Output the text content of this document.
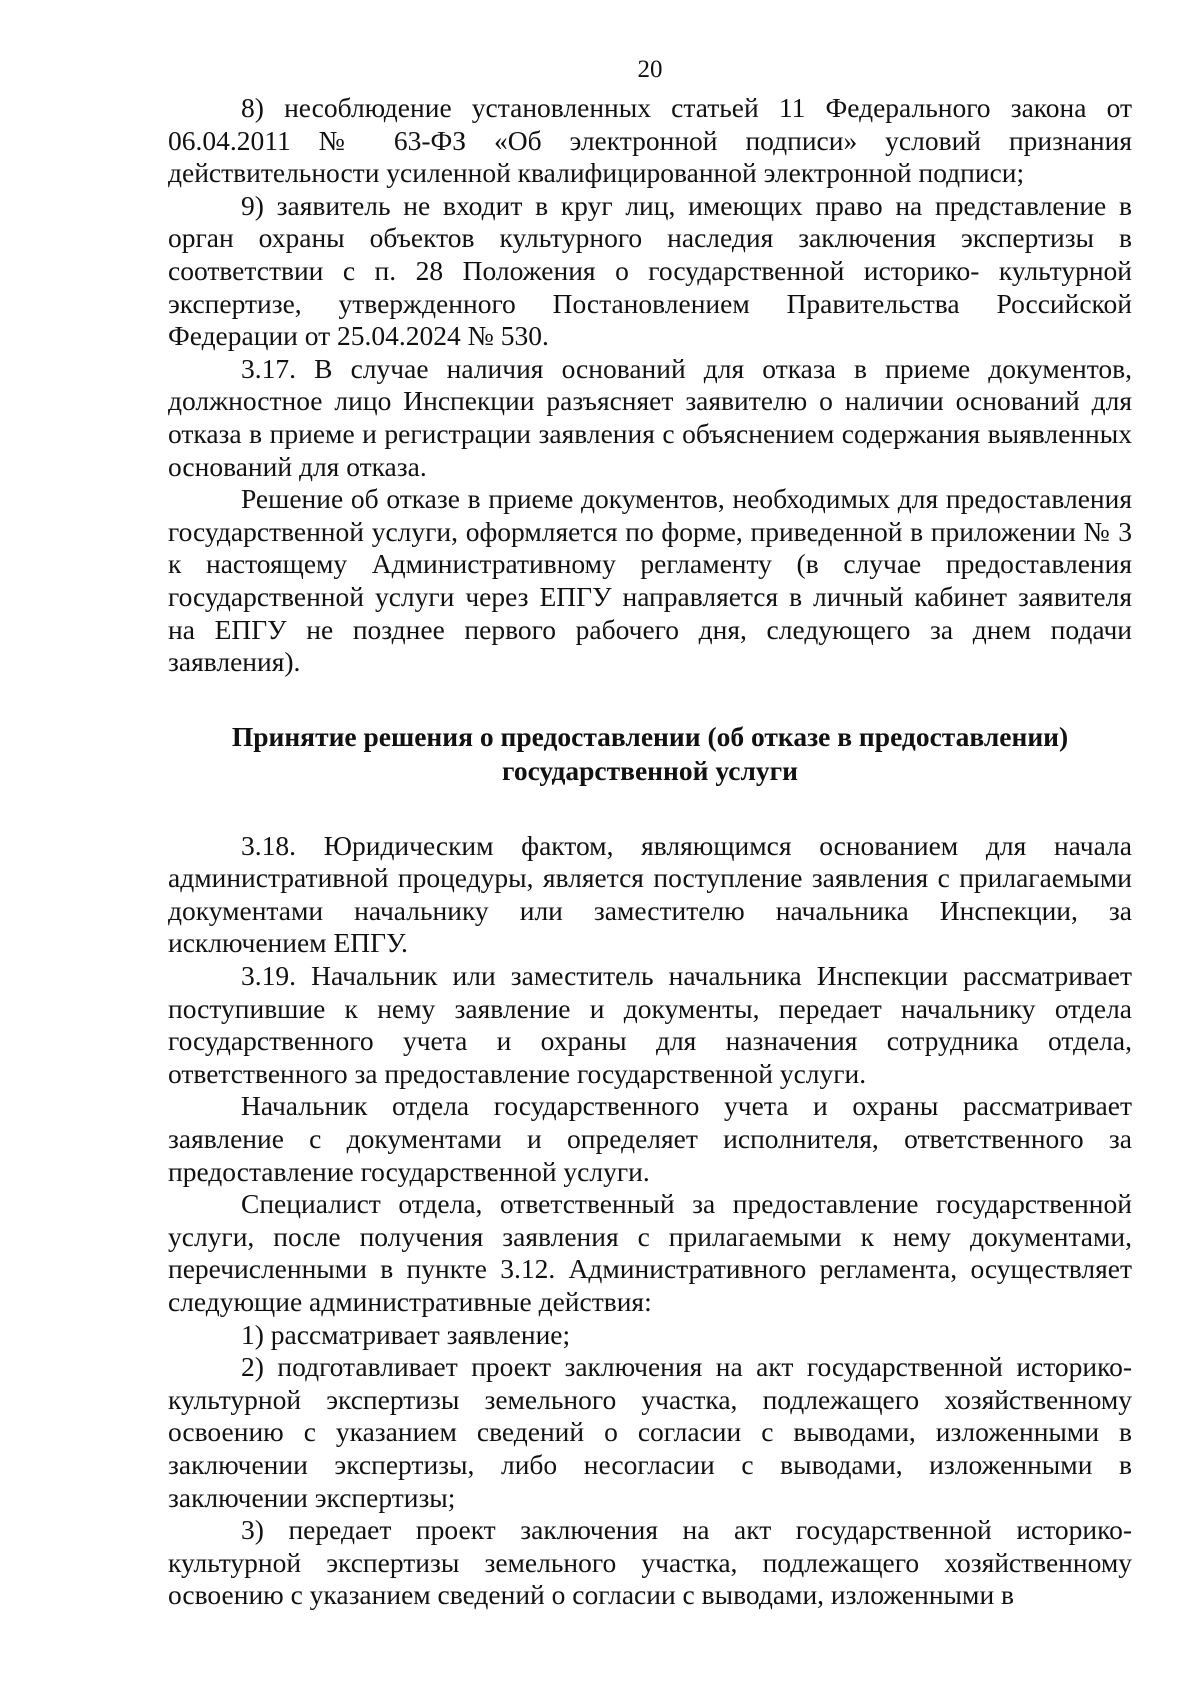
20

8) несоблюдение установленных статьей 11 Федерального закона от 06.04.2011 № 63-ФЗ «Об электронной подписи» условий признания действительности усиленной квалифицированной электронной подписи;

9) заявитель не входит в круг лиц, имеющих право на представление в орган охраны объектов культурного наследия заключения экспертизы в соответствии с п. 28 Положения о государственной историко- культурной экспертизе, утвержденного Постановлением Правительства Российской Федерации от 25.04.2024 № 530.

3.17. В случае наличия оснований для отказа в приеме документов, должностное лицо Инспекции разъясняет заявителю о наличии оснований для отказа в приеме и регистрации заявления с объяснением содержания выявленных оснований для отказа.

Решение об отказе в приеме документов, необходимых для предоставления государственной услуги, оформляется по форме, приведенной в приложении № 3 к настоящему Административному регламенту (в случае предоставления государственной услуги через ЕПГУ направляется в личный кабинет заявителя на ЕПГУ не позднее первого рабочего дня, следующего за днем подачи заявления).

Принятие решения о предоставлении (об отказе в предоставлении)
государственной услуги

3.18. Юридическим фактом, являющимся основанием для начала административной процедуры, является поступление заявления с прилагаемыми документами начальнику или заместителю начальника Инспекции, за исключением ЕПГУ.

3.19. Начальник или заместитель начальника Инспекции рассматривает поступившие к нему заявление и документы, передает начальнику отдела государственного учета и охраны для назначения сотрудника отдела, ответственного за предоставление государственной услуги.

Начальник отдела государственного учета и охраны рассматривает заявление с документами и определяет исполнителя, ответственного за предоставление государственной услуги.

Специалист отдела, ответственный за предоставление государственной услуги, после получения заявления с прилагаемыми к нему документами, перечисленными в пункте 3.12. Административного регламента, осуществляет следующие административные действия:

1) рассматривает заявление;

2) подготавливает проект заключения на акт государственной историко-культурной экспертизы земельного участка, подлежащего хозяйственному освоению с указанием сведений о согласии с выводами, изложенными в заключении экспертизы, либо несогласии с выводами, изложенными в заключении экспертизы;

3) передает проект заключения на акт государственной историко-культурной экспертизы земельного участка, подлежащего хозяйственному освоению с указанием сведений о согласии с выводами, изложенными в
